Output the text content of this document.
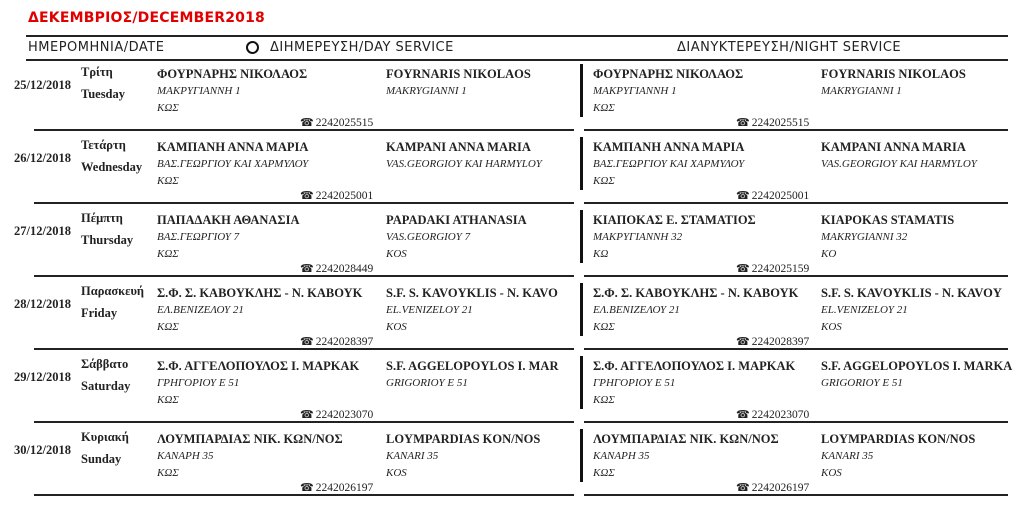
ΔΕΚΕΜΒΡΙΟΣ/DECEMBER2018
ΗΜΕΡΟΜΗΝΙΑ/DATE	ΔΙΗΜΕΡΕΥΣΗ/DAY SERVICE	ΔΙΑΝΥΚΤΕΡΕΥΣΗ/NIGHT SERVICE
25/12/2018
Τρίτη
Tuesday
ΦΟΥΡΝΑΡΗΣ ΝΙΚΟΛΑΟΣ
ΜΑΚΡΥΓΙΑΝΝΗ 1
ΚΩΣ
FOYRNARIS NIKOLAOS
MAKRYGIANNI 1
☎ 2242025515
ΦΟΥΡΝΑΡΗΣ ΝΙΚΟΛΑΟΣ
ΜΑΚΡΥΓΙΑΝΝΗ 1
ΚΩΣ
FOYRNARIS NIKOLAOS
MAKRYGIANNI 1
☎ 2242025515
26/12/2018
Τετάρτη
Wednesday
ΚΑΜΠΑΝΗ ΑΝΝΑ ΜΑΡΙΑ
ΒΑΣ.ΓΕΩΡΓΙΟΥ ΚΑΙ ΧΑΡΜΥΛΟΥ
ΚΩΣ
KAMPANI ANNA MARIA
VAS.GEORGIOY KAI HARMYLOY
☎ 2242025001
ΚΑΜΠΑΝΗ ΑΝΝΑ ΜΑΡΙΑ
ΒΑΣ.ΓΕΩΡΓΙΟΥ ΚΑΙ ΧΑΡΜΥΛΟΥ
ΚΩΣ
KAMPANI ANNA MARIA
VAS.GEORGIOY KAI HARMYLOY
☎ 2242025001
27/12/2018
Πέμπτη
Thursday
ΠΑΠΑΔΑΚΗ ΑΘΑΝΑΣΙΑ
ΒΑΣ.ΓΕΩΡΓΙΟΥ 7
ΚΩΣ
PAPADAKI ATHANASIA
VAS.GEORGIOY 7
KOS
☎ 2242028449
ΚΙΑΠΟΚΑΣ Ε. ΣΤΑΜΑΤΙΟΣ
ΜΑΚΡΥΓΙΑΝΝΗ 32
ΚΩ
KIAPOKAS STAMATIS
MAKRYGIANNI 32
KO
☎ 2242025159
28/12/2018
Παρασκευή
Friday
Σ.Φ. Σ. ΚΑΒΟΥΚΛΗΣ - Ν. ΚΑΒΟΥΚ
ΕΛ.ΒΕΝΙΖΕΛΟΥ 21
ΚΩΣ
S.F. S. KAVOYKLIS - N. KAVO
EL.VENIZELOY 21
KOS
☎ 2242028397
Σ.Φ. Σ. ΚΑΒΟΥΚΛΗΣ - Ν. ΚΑΒΟΥΚ
ΕΛ.ΒΕΝΙΖΕΛΟΥ 21
ΚΩΣ
S.F. S. KAVOYKLIS - N. KAVOY
EL.VENIZELOY 21
KOS
☎ 2242028397
29/12/2018
Σάββατο
Saturday
Σ.Φ. ΑΓΓΕΛΟΠΟΥΛΟΣ Ι. ΜΑΡΚΑΚ
ΓΡΗΓΟΡΙΟΥ Ε 51
ΚΩΣ
S.F. AGGELOPOYLOS I. MAR
GRIGORIOY E 51
☎ 2242023070
Σ.Φ. ΑΓΓΕΛΟΠΟΥΛΟΣ Ι. ΜΑΡΚΑΚ
ΓΡΗΓΟΡΙΟΥ Ε 51
ΚΩΣ
S.F. AGGELOPOYLOS I. MARKA
GRIGORIOY E 51
☎ 2242023070
30/12/2018
Κυριακή
Sunday
ΛΟΥΜΠΑΡΔΙΑΣ ΝΙΚ. ΚΩΝ/ΝΟΣ
ΚΑΝΑΡΗ 35
ΚΩΣ
LOYMPARDIAS KON/NOS
KANARI 35
KOS
☎ 2242026197
ΛΟΥΜΠΑΡΔΙΑΣ ΝΙΚ. ΚΩΝ/ΝΟΣ
ΚΑΝΑΡΗ 35
ΚΩΣ
LOYMPARDIAS KON/NOS
KANARI 35
KOS
☎ 2242026197
